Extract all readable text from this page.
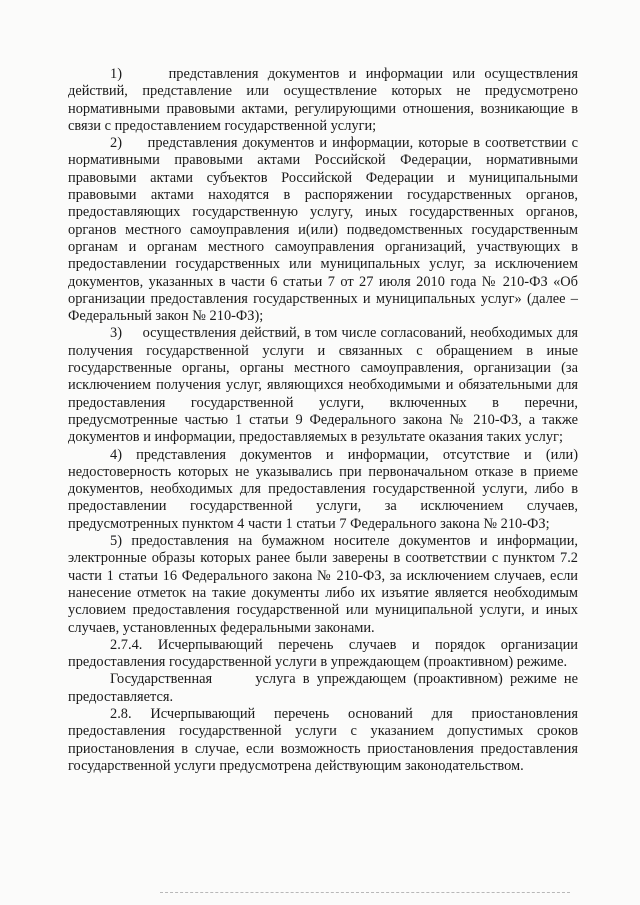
1)     представления документов и информации или осуществления действий, представление или осуществление которых не предусмотрено нормативными правовыми актами, регулирующими отношения, возникающие в связи с предоставлением государственной услуги;

2)     представления документов и информации, которые в соответствии с нормативными правовыми актами Российской Федерации, нормативными правовыми актами субъектов Российской Федерации и муниципальными правовыми актами находятся в распоряжении государственных органов, предоставляющих государственную услугу, иных государственных органов, органов местного самоуправления и(или) подведомственных государственным органам и органам местного самоуправления организаций, участвующих в предоставлении государственных или муниципальных услуг, за исключением документов, указанных в части 6 статьи 7 от 27 июля 2010 года № 210-ФЗ «Об организации предоставления государственных и муниципальных услуг» (далее – Федеральный закон № 210-ФЗ);

3)     осуществления действий, в том числе согласований, необходимых для получения государственной услуги и связанных с обращением в иные государственные органы, органы местного самоуправления, организации (за исключением получения услуг, являющихся необходимыми и обязательными для предоставления государственной услуги, включенных в перечни, предусмотренные частью 1 статьи 9 Федерального закона № 210-ФЗ, а также документов и информации, предоставляемых в результате оказания таких услуг;

4) представления документов и информации, отсутствие и (или) недостоверность которых не указывались при первоначальном отказе в приеме документов, необходимых для предоставления государственной услуги, либо в предоставлении государственной услуги, за исключением случаев, предусмотренных пунктом 4 части 1 статьи 7 Федерального закона № 210-ФЗ;

5) предоставления на бумажном носителе документов и информации, электронные образы которых ранее были заверены в соответствии с пунктом 7.2 части 1 статьи 16 Федерального закона № 210-ФЗ, за исключением случаев, если нанесение отметок на такие документы либо их изъятие является необходимым условием предоставления государственной или муниципальной услуги, и иных случаев, установленных федеральными законами.

2.7.4. Исчерпывающий перечень случаев и порядок организации предоставления государственной услуги в упреждающем (проактивном) режиме.

Государственная      услуга в упреждающем (проактивном) режиме не предоставляется.

2.8. Исчерпывающий перечень оснований для приостановления предоставления государственной услуги с указанием допустимых сроков приостановления в случае, если возможность приостановления предоставления государственной услуги предусмотрена действующим законодательством.
